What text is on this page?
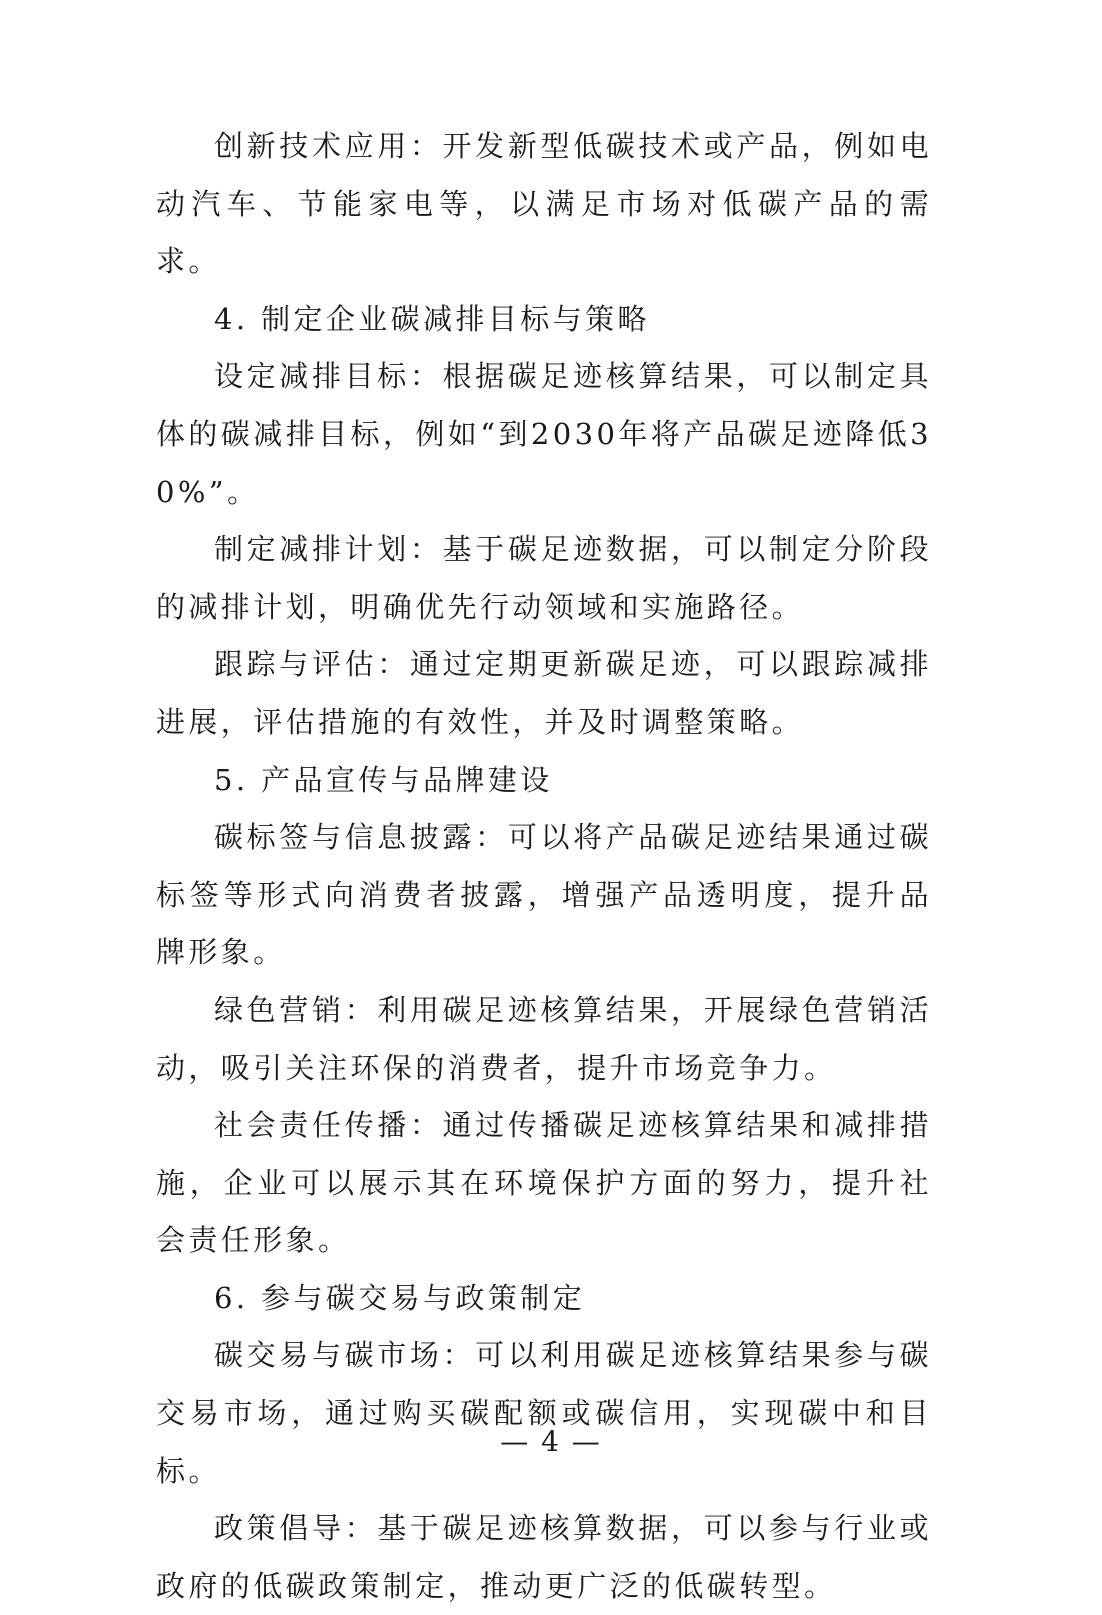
创新技术应用：开发新型低碳技术或产品，例如电动汽车、节能家电等，以满足市场对低碳产品的需求。

4. 制定企业碳减排目标与策略

设定减排目标：根据碳足迹核算结果，可以制定具体的碳减排目标，例如“到2030年将产品碳足迹降低30%”。

制定减排计划：基于碳足迹数据，可以制定分阶段的减排计划，明确优先行动领域和实施路径。

跟踪与评估：通过定期更新碳足迹，可以跟踪减排进展，评估措施的有效性，并及时调整策略。

5. 产品宣传与品牌建设

碳标签与信息披露：可以将产品碳足迹结果通过碳标签等形式向消费者披露，增强产品透明度，提升品牌形象。

绿色营销：利用碳足迹核算结果，开展绿色营销活动，吸引关注环保的消费者，提升市场竞争力。

社会责任传播：通过传播碳足迹核算结果和减排措施，企业可以展示其在环境保护方面的努力，提升社会责任形象。

6. 参与碳交易与政策制定

碳交易与碳市场：可以利用碳足迹核算结果参与碳交易市场，通过购买碳配额或碳信用，实现碳中和目标。

政策倡导：基于碳足迹核算数据，可以参与行业或政府的低碳政策制定，推动更广泛的低碳转型。

— 4 —
